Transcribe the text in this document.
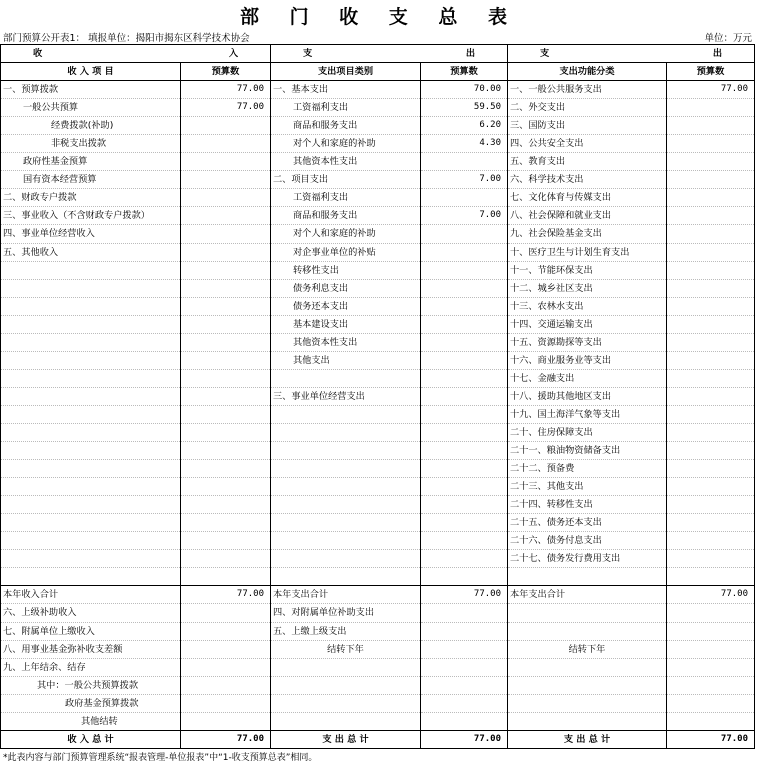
部 门 收 支 总 表
部门预算公开表1： 填报单位：揭阳市揭东区科学技术协会	单位：万元
收 入		支 出		支 出	

收 入 项 目	预算数	支出项目类别	预算数	支出功能分类	预算数
一、预算拨款	77.00	一、基本支出	70.00	一、一般公共服务支出	77.00
一般公共预算	77.00	工资福利支出	59.50	二、外交支出	
经费拨款(补助)		商品和服务支出	6.20	三、国防支出	
非税支出拨款		对个人和家庭的补助	4.30	四、公共安全支出	
政府性基金预算		其他资本性支出		五、教育支出	
国有资本经营预算		二、项目支出	7.00	六、科学技术支出	
二、财政专户拨款		工资福利支出		七、文化体育与传媒支出	
三、事业收入（不含财政专户拨款）		商品和服务支出	7.00	八、社会保障和就业支出	
四、事业单位经营收入		对个人和家庭的补助		九、社会保险基金支出	
五、其他收入		对企事业单位的补贴		十、医疗卫生与计划生育支出	
		转移性支出		十一、节能环保支出	
		债务利息支出		十二、城乡社区支出	
		债务还本支出		十三、农林水支出	
		基本建设支出		十四、交通运输支出	
		其他资本性支出		十五、资源勘探等支出	
		其他支出		十六、商业服务业等支出	
				十七、金融支出	
		三、事业单位经营支出		十八、援助其他地区支出	
				十九、国土海洋气象等支出	
				二十、住房保障支出	
				二十一、粮油物资储备支出	
				二十二、预备费	
				二十三、其他支出	
				二十四、转移性支出	
				二十五、债务还本支出	
				二十六、债务付息支出	
				二十七、债务发行费用支出	

本年收入合计	77.00	本年支出合计	77.00	本年支出合计	77.00
六、上级补助收入		四、对附属单位补助支出			
七、附属单位上缴收入		五、上缴上级支出			
八、用事业基金弥补收支差额		结转下年		结转下年	
九、上年结余、结存					
其中：一般公共预算拨款					
政府基金预算拨款					
其他结转					
收 入 总 计	77.00	支 出 总 计	77.00	支 出 总 计	77.00
*此表内容与部门预算管理系统“报表管理-单位报表”中“1-收支预算总表”相同。
